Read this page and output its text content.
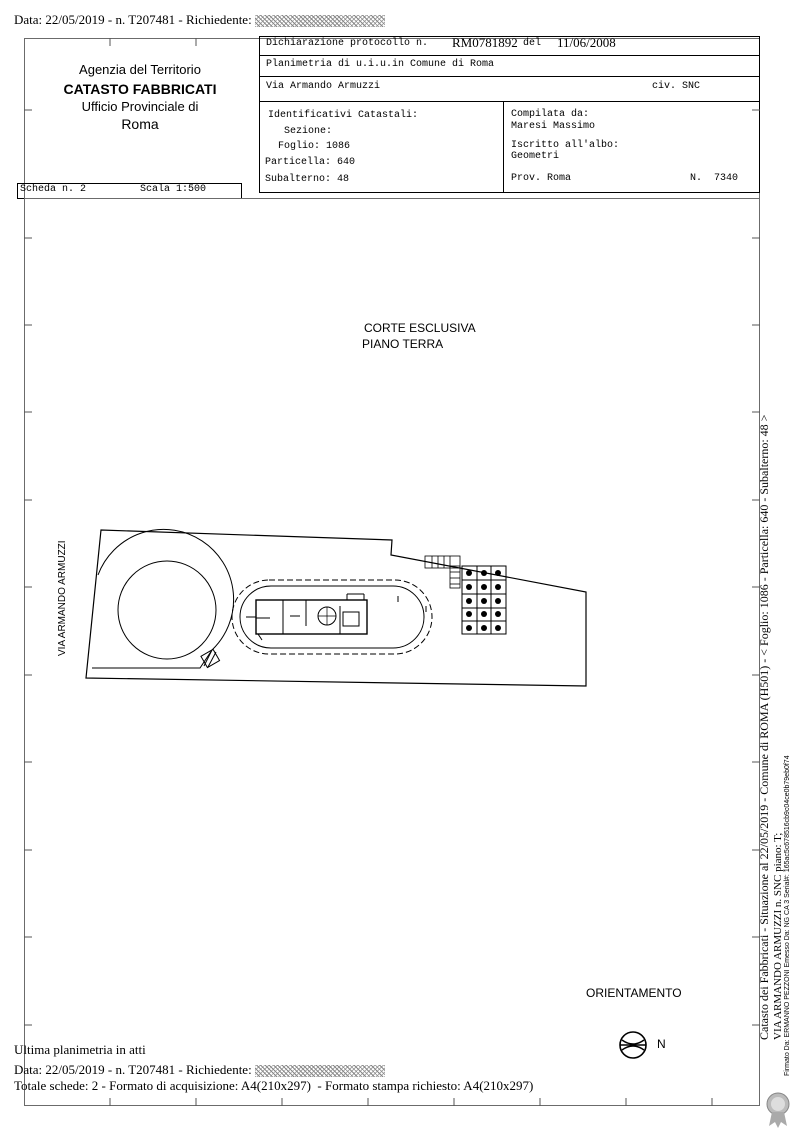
Data: 22/05/2019 - n. T207481 - Richiedente:
Agenzia del Territorio
CATASTO FABBRICATI
Ufficio Provinciale di
Roma
Scheda n. 2	Scala 1:500
Dichiarazione protocollo n. RM0781892 del 11/06/2008
Planimetria di u.i.u.in Comune di Roma
Via Armando Armuzzi	civ. SNC
Identificativi Catastali:
Sezione:
Foglio: 1086
Particella: 640
Subalterno: 48
Compilata da:
Maresi Massimo
Iscritto all'albo:
Geometri
Prov. Roma	N.  7340
CORTE ESCLUSIVA
PIANO TERRA
VIA ARMANDO ARMUZZI
ORIENTAMENTO
N
Ultima planimetria in atti
Data: 22/05/2019 - n. T207481 - Richiedente:
Totale schede: 2 - Formato di acquisizione: A4(210x297)  - Formato stampa richiesto: A4(210x297)
Catasto dei Fabbricati - Situazione al 22/05/2019 - Comune di ROMA (H501) - < Foglio: 1086 - Particella: 640 - Subalterno: 48 > VIA ARMANDO ARMUZZI n. SNC piano: T; Firmato Da: ERMANNO PEZZONI Emesso Da: NG CA 3 Serial#: 165ac5c678516cb9c04ce0b79eb0f74
